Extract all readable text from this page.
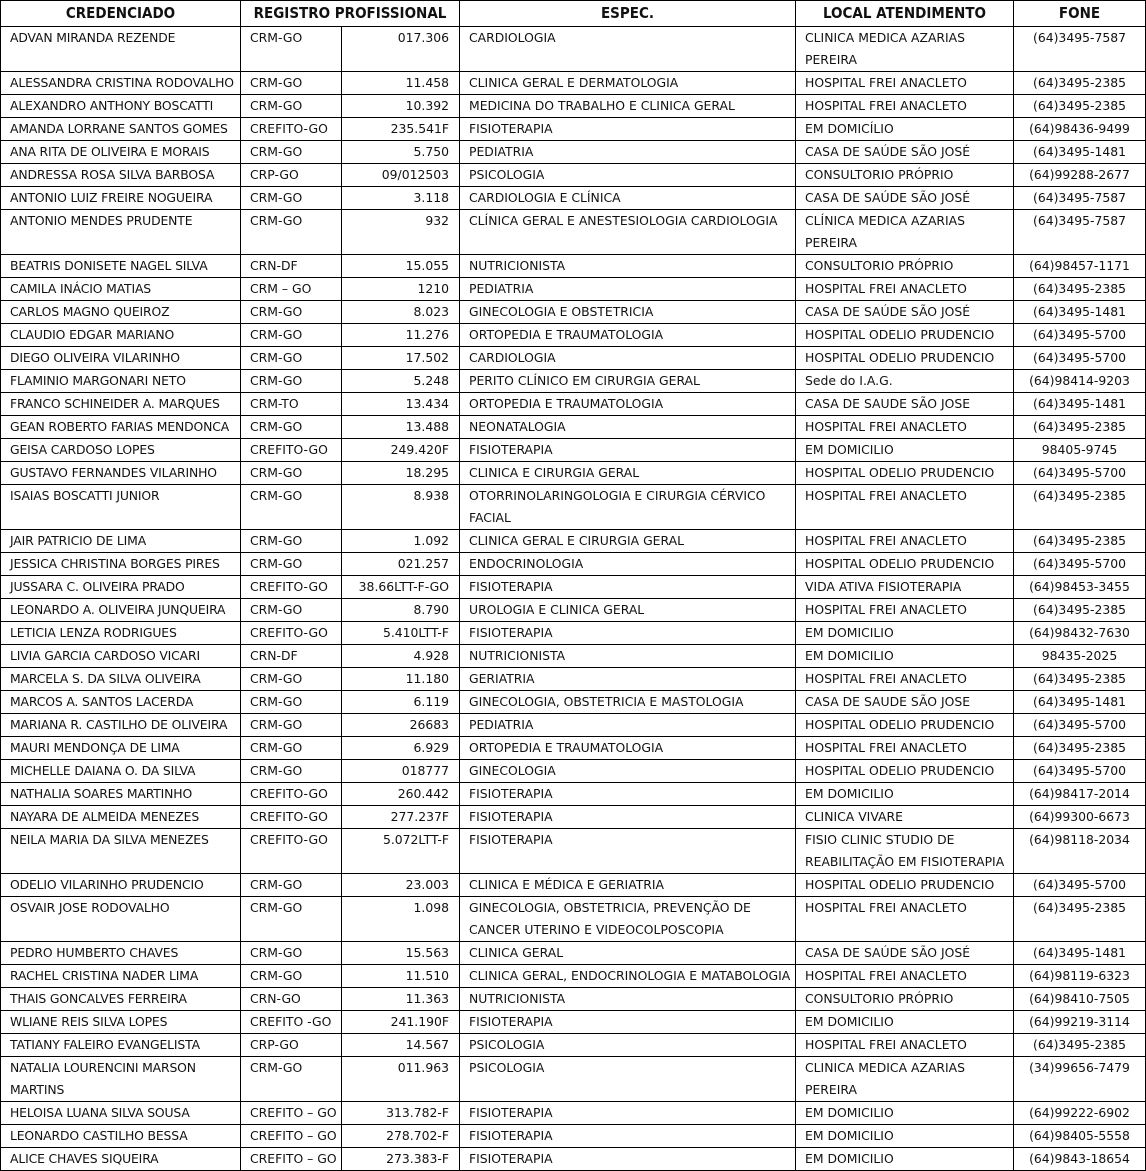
CREDENCIADO	REGISTRO PROFISSIONAL		ESPEC.	LOCAL ATENDIMENTO	FONE
ADVAN MIRANDA REZENDE	CRM-GO	017.306	CARDIOLOGIA	CLINICA MEDICA AZARIAS PEREIRA	(64)3495-7587
ALESSANDRA CRISTINA RODOVALHO	CRM-GO	11.458	CLINICA GERAL E DERMATOLOGIA	HOSPITAL FREI ANACLETO	(64)3495-2385
ALEXANDRO ANTHONY BOSCATTI	CRM-GO	10.392	MEDICINA DO TRABALHO E CLINICA GERAL	HOSPITAL FREI ANACLETO	(64)3495-2385
AMANDA LORRANE SANTOS GOMES	CREFITO-GO	235.541F	FISIOTERAPIA	EM DOMICÍLIO	(64)98436-9499
ANA RITA DE OLIVEIRA E MORAIS	CRM-GO	5.750	PEDIATRIA	CASA DE SAÚDE SÃO JOSÉ	(64)3495-1481
ANDRESSA ROSA SILVA BARBOSA	CRP-GO	09/012503	PSICOLOGIA	CONSULTORIO PRÓPRIO	(64)99288-2677
ANTONIO LUIZ FREIRE NOGUEIRA	CRM-GO	3.118	CARDIOLOGIA E CLÍNICA	CASA DE SAÚDE SÃO JOSÉ	(64)3495-7587
ANTONIO MENDES PRUDENTE	CRM-GO	932	CLÍNICA GERAL E ANESTESIOLOGIA CARDIOLOGIA	CLÍNICA MEDICA AZARIAS PEREIRA	(64)3495-7587
BEATRIS DONISETE NAGEL SILVA	CRN-DF	15.055	NUTRICIONISTA	CONSULTORIO PRÓPRIO	(64)98457-1171
CAMILA INÁCIO MATIAS	CRM – GO	1210	PEDIATRIA	HOSPITAL FREI ANACLETO	(64)3495-2385
CARLOS MAGNO QUEIROZ	CRM-GO	8.023	GINECOLOGIA E OBSTETRICIA	CASA DE SAÚDE SÃO JOSÉ	(64)3495-1481
CLAUDIO EDGAR MARIANO	CRM-GO	11.276	ORTOPEDIA E TRAUMATOLOGIA	HOSPITAL ODELIO PRUDENCIO	(64)3495-5700
DIEGO OLIVEIRA VILARINHO	CRM-GO	17.502	CARDIOLOGIA	HOSPITAL ODELIO PRUDENCIO	(64)3495-5700
FLAMINIO MARGONARI NETO	CRM-GO	5.248	PERITO CLÍNICO EM CIRURGIA GERAL	Sede do I.A.G.	(64)98414-9203
FRANCO SCHINEIDER A. MARQUES	CRM-TO	13.434	ORTOPEDIA E TRAUMATOLOGIA	CASA DE SAUDE SÃO JOSE	(64)3495-1481
GEAN ROBERTO FARIAS MENDONCA	CRM-GO	13.488	NEONATALOGIA	HOSPITAL FREI ANACLETO	(64)3495-2385
GEISA CARDOSO LOPES	CREFITO-GO	249.420F	FISIOTERAPIA	EM DOMICILIO	98405-9745
GUSTAVO FERNANDES VILARINHO	CRM-GO	18.295	CLINICA E CIRURGIA GERAL	HOSPITAL ODELIO PRUDENCIO	(64)3495-5700
ISAIAS BOSCATTI JUNIOR	CRM-GO	8.938	OTORRINOLARINGOLOGIA E CIRURGIA CÉRVICO FACIAL	HOSPITAL FREI ANACLETO	(64)3495-2385
JAIR PATRICIO DE LIMA	CRM-GO	1.092	CLINICA GERAL E CIRURGIA GERAL	HOSPITAL FREI ANACLETO	(64)3495-2385
JESSICA CHRISTINA BORGES PIRES	CRM-GO	021.257	ENDOCRINOLOGIA	HOSPITAL ODELIO PRUDENCIO	(64)3495-5700
JUSSARA C. OLIVEIRA PRADO	CREFITO-GO	38.66LTT-F-GO	FISIOTERAPIA	VIDA ATIVA FISIOTERAPIA	(64)98453-3455
LEONARDO A. OLIVEIRA JUNQUEIRA	CRM-GO	8.790	UROLOGIA E CLINICA GERAL	HOSPITAL FREI ANACLETO	(64)3495-2385
LETICIA LENZA RODRIGUES	CREFITO-GO	5.410LTT-F	FISIOTERAPIA	EM DOMICILIO	(64)98432-7630
LIVIA GARCIA CARDOSO VICARI	CRN-DF	4.928	NUTRICIONISTA	EM DOMICILIO	98435-2025
MARCELA S. DA SILVA OLIVEIRA	CRM-GO	11.180	GERIATRIA	HOSPITAL FREI ANACLETO	(64)3495-2385
MARCOS A. SANTOS LACERDA	CRM-GO	6.119	GINECOLOGIA, OBSTETRICIA E MASTOLOGIA	CASA DE SAUDE SÃO JOSE	(64)3495-1481
MARIANA R. CASTILHO DE OLIVEIRA	CRM-GO	26683	PEDIATRIA	HOSPITAL ODELIO PRUDENCIO	(64)3495-5700
MAURI MENDONÇA DE LIMA	CRM-GO	6.929	ORTOPEDIA E TRAUMATOLOGIA	HOSPITAL FREI ANACLETO	(64)3495-2385
MICHELLE DAIANA O. DA SILVA	CRM-GO	018777	GINECOLOGIA	HOSPITAL ODELIO PRUDENCIO	(64)3495-5700
NATHALIA SOARES MARTINHO	CREFITO-GO	260.442	FISIOTERAPIA	EM DOMICILIO	(64)98417-2014
NAYARA DE ALMEIDA MENEZES	CREFITO-GO	277.237F	FISIOTERAPIA	CLINICA VIVARE	(64)99300-6673
NEILA MARIA DA SILVA MENEZES	CREFITO-GO	5.072LTT-F	FISIOTERAPIA	FISIO CLINIC STUDIO DE REABILITAÇÃO EM FISIOTERAPIA	(64)98118-2034
ODELIO VILARINHO PRUDENCIO	CRM-GO	23.003	CLINICA E MÉDICA E GERIATRIA	HOSPITAL ODELIO PRUDENCIO	(64)3495-5700
OSVAIR JOSE RODOVALHO	CRM-GO	1.098	GINECOLOGIA, OBSTETRICIA, PREVENÇÃO DE CANCER UTERINO E VIDEOCOLPOSCOPIA	HOSPITAL FREI ANACLETO	(64)3495-2385
PEDRO HUMBERTO CHAVES	CRM-GO	15.563	CLINICA GERAL	CASA DE SAÚDE SÃO JOSÉ	(64)3495-1481
RACHEL CRISTINA NADER LIMA	CRM-GO	11.510	CLINICA GERAL, ENDOCRINOLOGIA E MATABOLOGIA	HOSPITAL FREI ANACLETO	(64)98119-6323
THAIS GONCALVES FERREIRA	CRN-GO	11.363	NUTRICIONISTA	CONSULTORIO PRÓPRIO	(64)98410-7505
WLIANE REIS SILVA LOPES	CREFITO -GO	241.190F	FISIOTERAPIA	EM DOMICILIO	(64)99219-3114
TATIANY FALEIRO EVANGELISTA	CRP-GO	14.567	PSICOLOGIA	HOSPITAL FREI ANACLETO	(64)3495-2385
NATALIA LOURENCINI MARSON MARTINS	CRM-GO	011.963	PSICOLOGIA	CLINICA MEDICA AZARIAS PEREIRA	(34)99656-7479
HELOISA LUANA SILVA SOUSA	CREFITO – GO	313.782-F	FISIOTERAPIA	EM DOMICILIO	(64)99222-6902
LEONARDO CASTILHO BESSA	CREFITO – GO	278.702-F	FISIOTERAPIA	EM DOMICILIO	(64)98405-5558
ALICE CHAVES SIQUEIRA	CREFITO – GO	273.383-F	FISIOTERAPIA	EM DOMICILIO	(64)9843-18654
